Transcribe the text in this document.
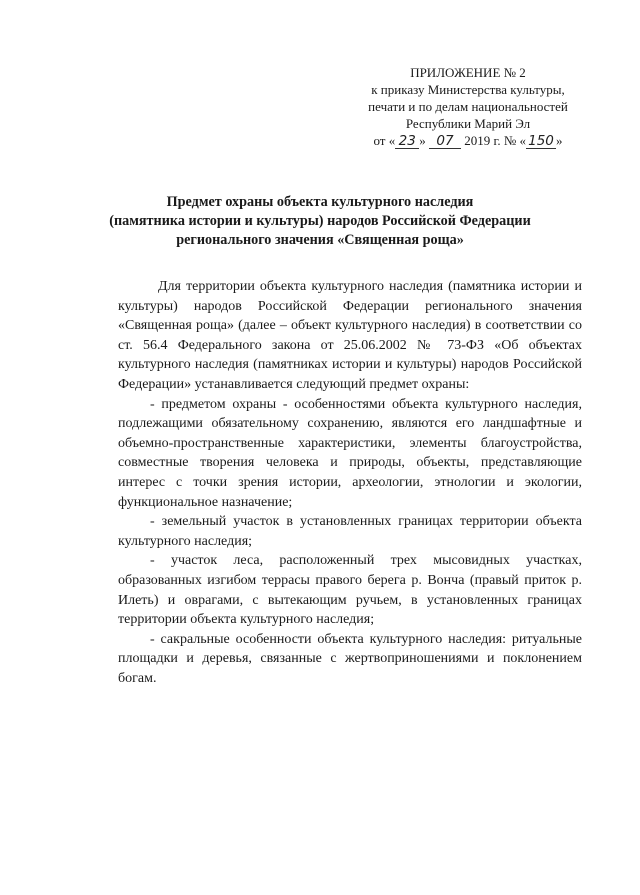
ПРИЛОЖЕНИЕ № 2
к приказу Министерства культуры,
печати и по делам национальностей
Республики Марий Эл
от « 23 » 07 2019 г. № « 150 »
Предмет охраны объекта культурного наследия
(памятника истории и культуры) народов Российской Федерации
регионального значения «Священная роща»

Для территории объекта культурного наследия (памятника истории и культуры) народов Российской Федерации регионального значения «Священная роща» (далее – объект культурного наследия) в соответствии со ст. 56.4 Федерального закона от 25.06.2002 № 73-ФЗ «Об объектах культурного наследия (памятниках истории и культуры) народов Российской Федерации» устанавливается следующий предмет охраны:

- предметом охраны - особенностями объекта культурного наследия, подлежащими обязательному сохранению, являются его ландшафтные и объемно-пространственные характеристики, элементы благоустройства, совместные творения человека и природы, объекты, представляющие интерес с точки зрения истории, археологии, этнологии и экологии, функциональное назначение;

- земельный участок в установленных границах территории объекта культурного наследия;

- участок леса, расположенный трех мысовидных участках, образованных изгибом террасы правого берега р. Вонча (правый приток р. Илеть) и оврагами, с вытекающим ручьем, в установленных границах территории объекта культурного наследия;

- сакральные особенности объекта культурного наследия: ритуальные площадки и деревья, связанные с жертвоприношениями и поклонением богам.
